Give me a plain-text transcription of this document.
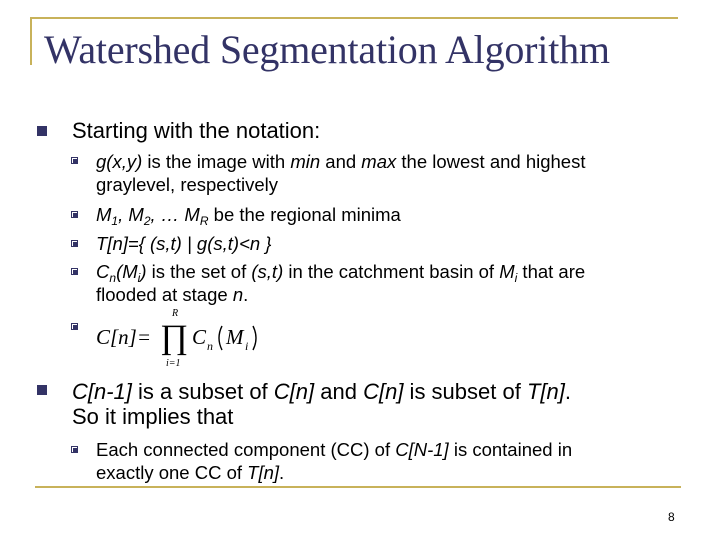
Watershed Segmentation Algorithm
Starting with the notation:
g(x,y) is the image with min and max the lowest and highest
graylevel, respectively
$M_1$, $M_2$, … $M_R$ be the regional minima
T[n]={ (s,t) | g(s,t)<n }
$C_n(M_i)$ is the set of (s,t) in the catchment basin of $M_i$ that are
flooded at stage n.
C[n]= ∏
R
i=1
C n M i
C[n-1] is a subset of C[n] and C[n] is subset of T[n].
So it implies that
Each connected component (CC) of C[N-1] is contained in
exactly one CC of T[n].
8
